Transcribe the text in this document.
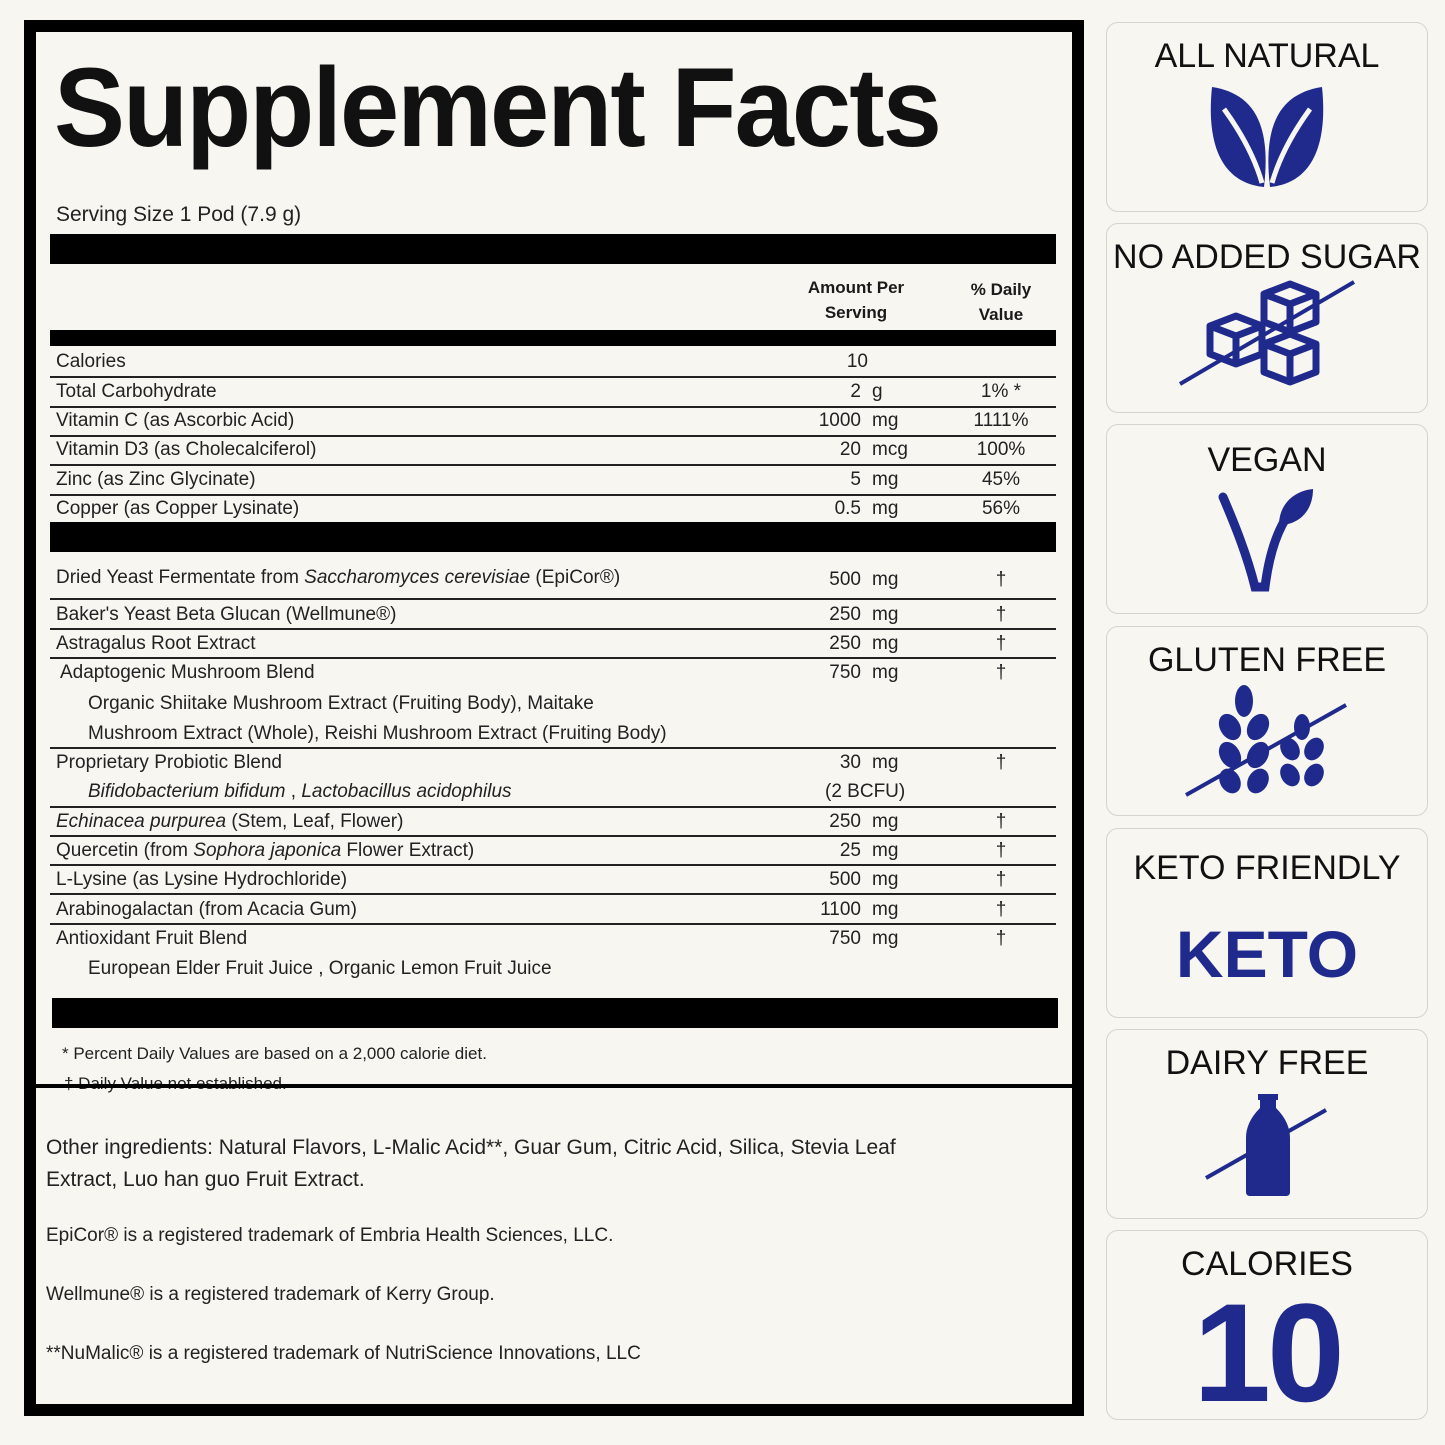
Supplement Facts
Serving Size 1 Pod (7.9 g)
Amount Per
Serving
% Daily
Value
Calories	10
Total Carbohydrate	2 g	1% *
Vitamin C (as Ascorbic Acid)	1000 mg	1111%
Vitamin D3 (as Cholecalciferol)	20 mcg	100%
Zinc (as Zinc Glycinate)	5 mg	45%
Copper (as Copper Lysinate)	0.5 mg	56%
Dried Yeast Fermentate from Saccharomyces cerevisiae (EpiCor®)	500 mg	†
Baker's Yeast Beta Glucan (Wellmune®)	250 mg	†
Astragalus Root Extract	250 mg	†
Adaptogenic Mushroom Blend	750 mg	†
Organic Shiitake Mushroom Extract (Fruiting Body), Maitake
Mushroom Extract (Whole), Reishi Mushroom Extract (Fruiting Body)
Proprietary Probiotic Blend	30 mg	†
Bifidobacterium bifidum , Lactobacillus acidophilus	(2 BCFU)
Echinacea purpurea (Stem, Leaf, Flower)	250 mg	†
Quercetin (from Sophora japonica Flower Extract)	25 mg	†
L-Lysine (as Lysine Hydrochloride)	500 mg	†
Arabinogalactan (from Acacia Gum)	1100 mg	†
Antioxidant Fruit Blend	750 mg	†
European Elder Fruit Juice , Organic Lemon Fruit Juice
* Percent Daily Values are based on a 2,000 calorie diet.
Other ingredients: Natural Flavors, L-Malic Acid**, Guar Gum, Citric Acid, Silica, Stevia Leaf
Extract, Luo han guo Fruit Extract.
EpiCor® is a registered trademark of Embria Health Sciences, LLC.
Wellmune® is a registered trademark of Kerry Group.
**NuMalic® is a registered trademark of NutriScience Innovations, LLC
ALL NATURAL
NO ADDED SUGAR
VEGAN
GLUTEN FREE
KETO FRIENDLY
KETO
DAIRY FREE
CALORIES
10
